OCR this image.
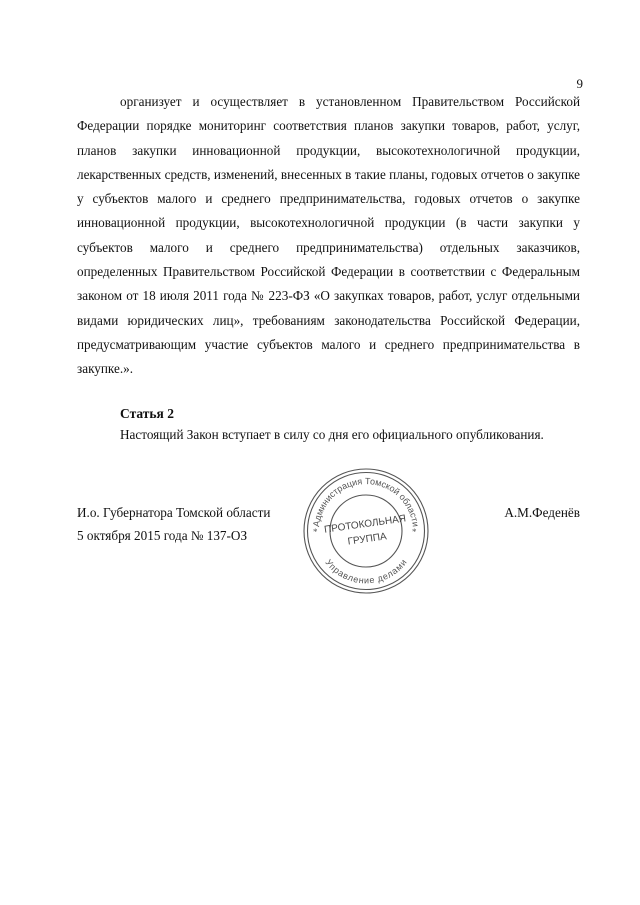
9

организует и осуществляет в установленном Правительством Российской Федерации порядке мониторинг соответствия планов закупки товаров, работ, услуг, планов закупки инновационной продукции, высокотехнологичной продукции, лекарственных средств, изменений, внесенных в такие планы, годовых отчетов о закупке у субъектов малого и среднего предпринимательства, годовых отчетов о закупке инновационной продукции, высокотехнологичной продукции (в части закупки у субъектов малого и среднего предпринимательства) отдельных заказчиков, определенных Правительством Российской Федерации в соответствии с Федеральным законом от 18 июля 2011 года № 223-ФЗ «О закупках товаров, работ, услуг отдельными видами юридических лиц», требованиям законодательства Российской Федерации, предусматривающим участие субъектов малого и среднего предпринимательства в закупке.».

Статья 2
Настоящий Закон вступает в силу со дня его официального опубликования.
И.о. Губернатора Томской области
5 октября 2015 года № 137-ОЗ
А.М.Феденёв
*	*
Администрация Томской области
Управление делами
ПРОТОКОЛЬНАЯ
ГРУППА
